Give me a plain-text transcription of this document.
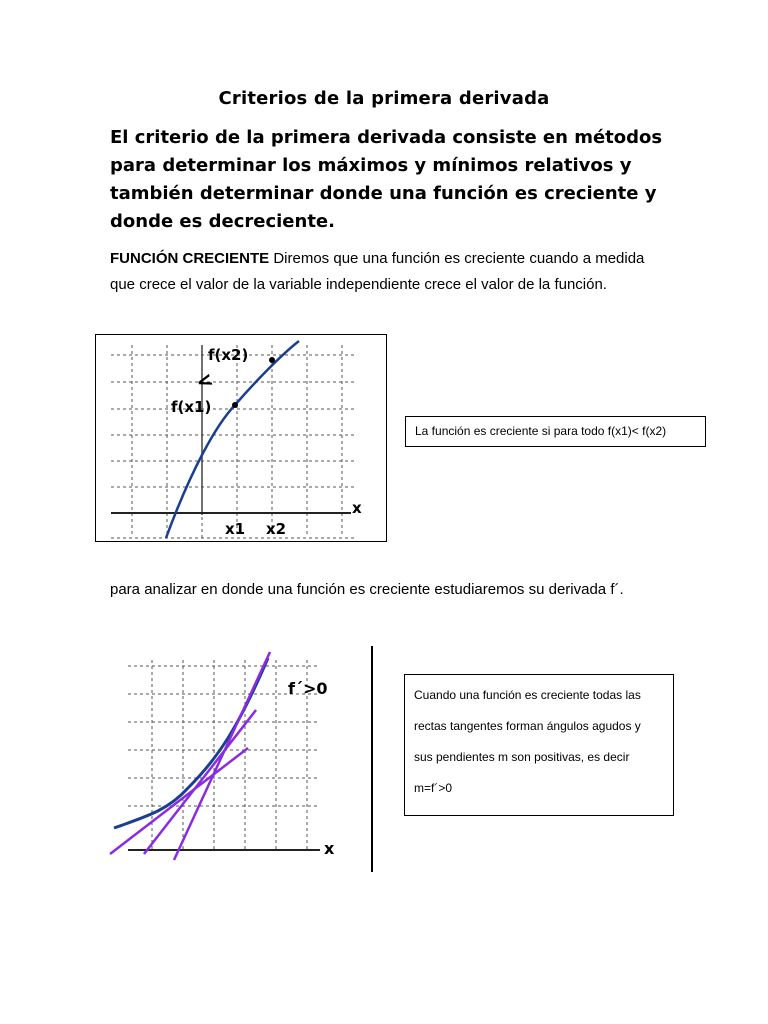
Criterios de la primera derivada

El criterio de la primera derivada consiste en métodos para determinar los máximos y mínimos relativos y también determinar donde una función es creciente y donde es decreciente.

FUNCIÓN CRECIENTE Diremos que una función es creciente cuando a medida que crece el valor de la variable independiente crece el valor de la función.

f(x2)
f(x1)
<
x
x1 x2
La función es creciente si para todo f(x1)< f(x2)

para analizar en donde una función es creciente estudiaremos su derivada f´.

f´>0
x
Cuando una función es creciente todas las
rectas tangentes forman ángulos agudos y
sus pendientes m son positivas, es decir
m=f´>0
